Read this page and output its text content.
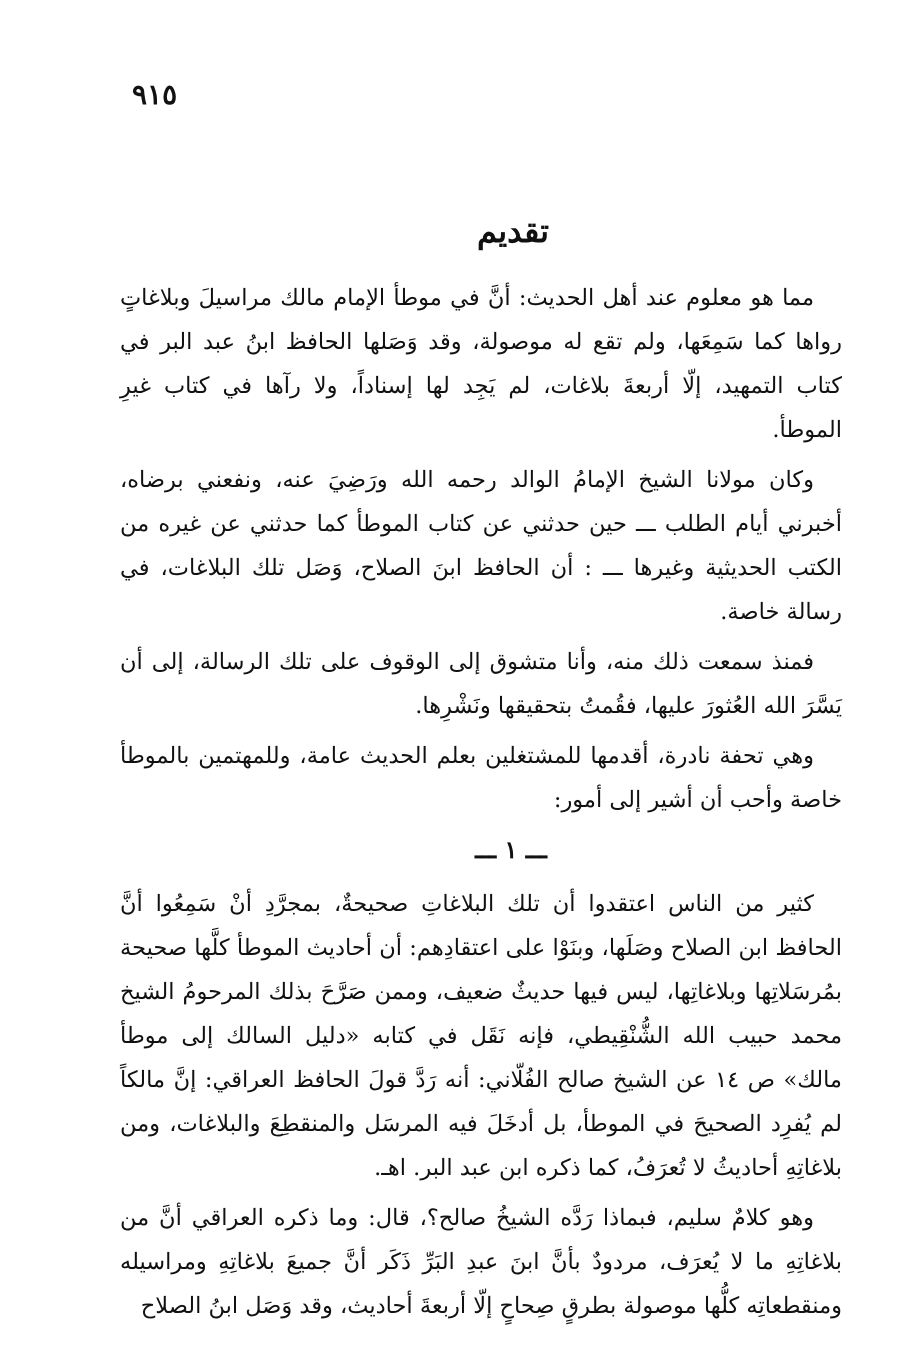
٩١٥
تقديم

مما هو معلوم عند أهل الحديث: أنَّ في موطأ الإمام مالك مراسيلَ وبلاغاتٍ رواها كما سَمِعَها، ولم تقع له موصولة، وقد وَصَلها الحافظ ابنُ عبد البر في كتاب التمهيد، إلّا أربعةَ بلاغات، لم يَجِد لها إسناداً، ولا رآها في كتاب غيرِ الموطأ.

وكان مولانا الشيخ الإمامُ الوالد رحمه الله ورَضِيَ عنه، ونفعني برضاه، أخبرني أيام الطلب ـــ حين حدثني عن كتاب الموطأ كما حدثني عن غيره من الكتب الحديثية وغيرها ـــ : أن الحافظ ابنَ الصلاح، وَصَل تلك البلاغات، في رسالة خاصة.

فمنذ سمعت ذلك منه، وأنا متشوق إلى الوقوف على تلك الرسالة، إلى أن يَسَّرَ الله العُثورَ عليها، فقُمتُ بتحقيقها ونَشْرِها.

وهي تحفة نادرة، أقدمها للمشتغلين بعلم الحديث عامة، وللمهتمين بالموطأ خاصة وأحب أن أشير إلى أمور:

ـــ ١ ـــ

كثير من الناس اعتقدوا أن تلك البلاغاتِ صحيحةٌ، بمجرَّدِ أنْ سَمِعُوا أنَّ الحافظ ابن الصلاح وصَلَها، وبنَوْا على اعتقادِهم: أن أحاديث الموطأ كلَّها صحيحة بمُرسَلاتِها وبلاغاتِها، ليس فيها حديثٌ ضعيف، وممن صَرَّحَ بذلك المرحومُ الشيخ محمد حبيب الله الشُّنْقِيطي، فإنه نَقَل في كتابه «دليل السالك إلى موطأ مالك» ص ١٤ عن الشيخ صالح الفُلّاني: أنه رَدَّ قولَ الحافظ العراقي: إنَّ مالكاً لم يُفرِد الصحيحَ في الموطأ، بل أدخَلَ فيه المرسَل والمنقطِعَ والبلاغات، ومن بلاغاتِهِ أحاديثُ لا تُعرَفُ، كما ذكره ابن عبد البر. اهـ.

وهو كلامٌ سليم، فبماذا رَدَّه الشيخُ صالح؟، قال: وما ذكره العراقي أنَّ من بلاغاتِهِ ما لا يُعرَف، مردودٌ بأنَّ ابنَ عبدِ البَرِّ ذَكَر أنَّ جميعَ بلاغاتِهِ ومراسيله ومنقطعاتِه كلُّها موصولة بطرقٍ صِحاحٍ إلّا أربعةَ أحاديث، وقد وَصَل ابنُ الصلاح
